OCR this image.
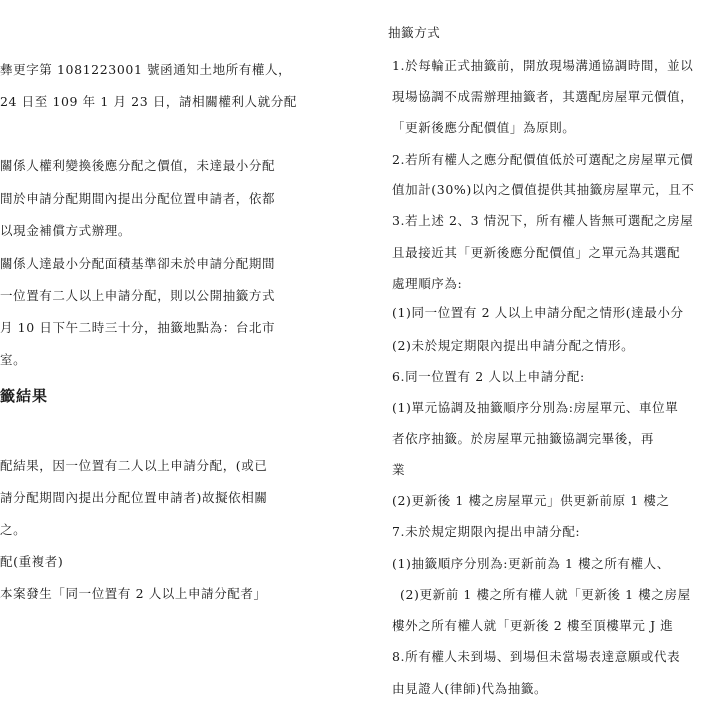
彝更字第 1081223001 號函通知土地所有權人，
24 日至 109 年 1 月 23 日，請相關權利人就分配
關係人權利變換後應分配之價值，未達最小分配
間於申請分配期間內提出分配位置申請者，依都
以現金補償方式辦理。
關係人達最小分配面積基準卻未於申請分配期間
一位置有二人以上申請分配，則以公開抽籤方式
月 10 日下午二時三十分，抽籤地點為：台北市
室。
籤結果
配結果，因一位置有二人以上申請分配，(或已
請分配期間內提出分配位置申請者)故擬依相關
之。
配(重複者)
本案發生「同一位置有 2 人以上申請分配者」
抽籤方式
1.於每輪正式抽籤前，開放現場溝通協調時間，並以
現場協調不成需辦理抽籤者，其選配房屋單元價值，
「更新後應分配價值」為原則。
2.若所有權人之應分配價值低於可選配之房屋單元價
值加計(30%)以內之價值提供其抽籤房屋單元，且不
3.若上述 2、3 情況下，所有權人皆無可選配之房屋
且最接近其「更新後應分配價值」之單元為其選配
處理順序為:
(1)同一位置有 2 人以上申請分配之情形(達最小分
(2)未於規定期限內提出申請分配之情形。
6.同一位置有 2 人以上申請分配:
(1)單元協調及抽籤順序分別為:房屋單元、車位單
者依序抽籤。於房屋單元抽籤協調完畢後，再
業
(2)更新後 1 樓之房屋單元」供更新前原 1 樓之
7.未於規定期限內提出申請分配:
(1)抽籤順序分別為:更新前為 1 樓之所有權人、
(2)更新前 1 樓之所有權人就「更新後 1 樓之房屋
樓外之所有權人就「更新後 2 樓至頂樓單元 J 進
8.所有權人未到場、到場但未當場表達意願或代表
由見證人(律師)代為抽籤。
